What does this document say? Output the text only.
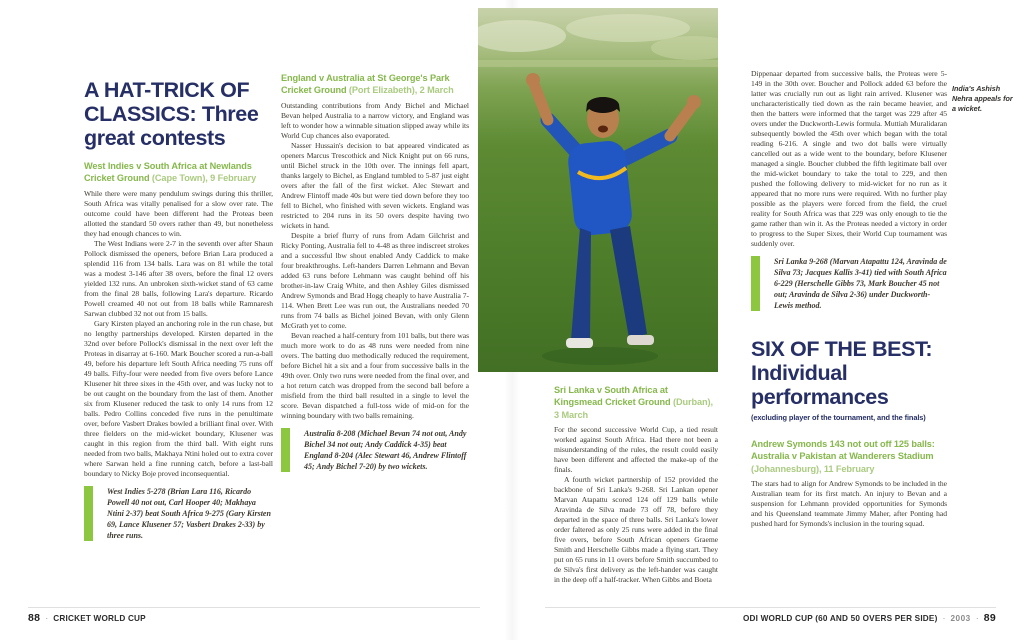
A HAT-TRICK OF CLASSICS: Three great contests
West Indies v South Africa at Newlands Cricket Ground (Cape Town), 9 February

While there were many pendulum swings during this thriller, South Africa was vitally penalised for a slow over rate. The outcome could have been different had the Proteas been allotted the standard 50 overs rather than 49, but nonetheless they had enough chances to win.

The West Indians were 2-7 in the seventh over after Shaun Pollock dismissed the openers, before Brian Lara produced a splendid 116 from 134 balls. Lara was on 81 while the total was a modest 3-146 after 38 overs, before the final 12 overs yielded 132 runs. An unbroken sixth-wicket stand of 63 came from the final 28 balls, following Lara's departure. Ricardo Powell creamed 40 not out from 18 balls while Ramnaresh Sarwan clubbed 32 not out from 15 balls.

Gary Kirsten played an anchoring role in the run chase, but no lengthy partnerships developed. Kirsten departed in the 32nd over before Pollock's dismissal in the next over left the Proteas in disarray at 6-160. Mark Boucher scored a run-a-ball 49, before his departure left South Africa needing 75 runs off 49 balls. Fifty-four were needed from five overs before Lance Klusener hit three sixes in the 45th over, and was lucky not to be out caught on the boundary from the last of them. Another six from Klusener reduced the task to only 14 runs from 12 balls. Pedro Collins conceded five runs in the penultimate over, before Vasbert Drakes bowled a brilliant final over. With three fielders on the mid-wicket boundary, Klusener was caught in this region from the third ball. With eight runs needed from two balls, Makhaya Ntini holed out to extra cover where Sarwan held a fine running catch, before a last-ball boundary to Nicky Boje proved inconsequential.

West Indies 5-278 (Brian Lara 116, Ricardo Powell 40 not out, Carl Hooper 40; Makhaya Ntini 2-37) beat South Africa 9-275 (Gary Kirsten 69, Lance Klusener 57; Vasbert Drakes 2-33) by three runs.

England v Australia at St George's Park Cricket Ground (Port Elizabeth), 2 March

Outstanding contributions from Andy Bichel and Michael Bevan helped Australia to a narrow victory, and England was left to wonder how a winnable situation slipped away while its World Cup chances also evaporated.

Nasser Hussain's decision to bat appeared vindicated as openers Marcus Trescothick and Nick Knight put on 66 runs, until Bichel struck in the 10th over. The innings fell apart, thanks largely to Bichel, as England tumbled to 5-87 just eight overs after the fall of the first wicket. Alec Stewart and Andrew Flintoff made 40s but were tied down before they too fell to Bichel, who finished with seven wickets. England was restricted to 204 runs in its 50 overs despite having two wickets in hand.

Despite a brief flurry of runs from Adam Gilchrist and Ricky Ponting, Australia fell to 4-48 as three indiscreet strokes and a successful lbw shout enabled Andy Caddick to make four breakthroughs. Left-handers Darren Lehmann and Bevan added 63 runs before Lehmann was caught behind off his brother-in-law Craig White, and then Ashley Giles dismissed Andrew Symonds and Brad Hogg cheaply to have Australia 7-114. When Brett Lee was run out, the Australians needed 70 runs from 74 balls as Bichel joined Bevan, with only Glenn McGrath yet to come.

Bevan reached a half-century from 101 balls, but there was much more work to do as 48 runs were needed from nine overs. The batting duo methodically reduced the requirement, before Bichel hit a six and a four from successive balls in the 49th over. Only two runs were needed from the final over, and a hot return catch was dropped from the second ball before a misfield from the third ball resulted in a single to level the score. Bevan dispatched a full-toss wide of mid-on for the winning boundary with two balls remaining.

Australia 8-208 (Michael Bevan 74 not out, Andy Bichel 34 not out; Andy Caddick 4-35) beat England 8-204 (Alec Stewart 46, Andrew Flintoff 45; Andy Bichel 7-20) by two wickets.

Sri Lanka v South Africa at Kingsmead Cricket Ground (Durban), 3 March

For the second successive World Cup, a tied result worked against South Africa. Had there not been a misunderstanding of the rules, the result could easily have been different and affected the make-up of the finals.

A fourth wicket partnership of 152 provided the backbone of Sri Lanka's 9-268. Sri Lankan opener Marvan Atapattu scored 124 off 129 balls while Aravinda de Silva made 73 off 78, before they departed in the space of three balls. Sri Lanka's lower order faltered as only 25 runs were added in the final five overs, before South African openers Graeme Smith and Herschelle Gibbs made a flying start. They put on 65 runs in 11 overs before Smith succumbed to de Silva's first delivery as the left-hander was caught in the deep off a half-tracker. When Gibbs and Boeta

Dippenaar departed from successive balls, the Proteas were 5-149 in the 30th over. Boucher and Pollock added 63 before the latter was crucially run out as light rain arrived. Klusener was uncharacteristically tied down as the rain became heavier, and then the batters were informed that the target was 229 after 45 overs under the Duckworth-Lewis formula. Muttiah Muralidaran subsequently bowled the 45th over which began with the total reading 6-216. A single and two dot balls were virtually cancelled out as a wide went to the boundary, before Klusener managed a single. Boucher clubbed the fifth legitimate ball over the mid-wicket boundary to take the total to 229, and then pushed the following delivery to mid-wicket for no run as it appeared that no more runs were required. With no further play possible as the players were forced from the field, the cruel reality for South Africa was that 229 was only enough to tie the game rather than win it. As the Proteas needed a victory in order to progress to the Super Sixes, their World Cup tournament was suddenly over.

Sri Lanka 9-268 (Marvan Atapattu 124, Aravinda de Silva 73; Jacques Kallis 3-41) tied with South Africa 6-229 (Herschelle Gibbs 73, Mark Boucher 45 not out; Aravinda de Silva 2-36) under Duckworth-Lewis method.

SIX OF THE BEST: Individual performances

(excluding player of the tournament, and the finals)

Andrew Symonds 143 not out off 125 balls: Australia v Pakistan at Wanderers Stadium (Johannesburg), 11 February

The stars had to align for Andrew Symonds to be included in the Australian team for its first match. An injury to Bevan and a suspension for Lehmann provided opportunities for Symonds and his Queensland teammate Jimmy Maher, after Ponting had pushed hard for Symonds's inclusion in the touring squad.

India's Ashish Nehra appeals for a wicket.
88 · CRICKET WORLD CUP	ODI WORLD CUP (60 AND 50 OVERS PER SIDE) · 2003 · 89
